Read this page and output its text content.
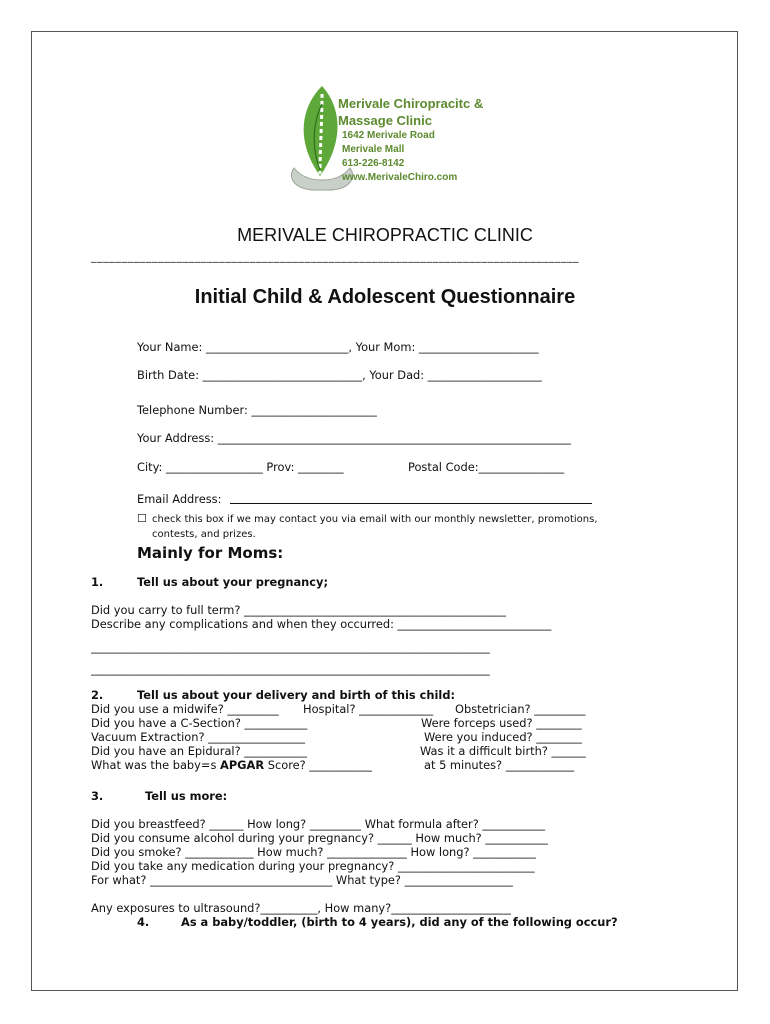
Merivale Chiropracitc &
Massage Clinic
1642 Merivale Road
Merivale Mall
613-226-8142
www.MerivaleChiro.com
MERIVALE CHIROPRACTIC CLINIC
________________________________________________________________________________
Initial Child & Adolescent Questionnaire
Your Name: _________________________, Your Mom: _____________________
Birth Date: ____________________________, Your Dad: ____________________
Telephone Number: ______________________
Your Address: ______________________________________________________________
City: _________________ Prov: ________	Postal Code:_______________
Email Address:
☐ check this box if we may contact you via email with our monthly newsletter, promotions,
contests, and prizes.
Mainly for Moms:
1.	Tell us about your pregnancy;
Did you carry to full term? ______________________________________________
Describe any complications and when they occurred: ___________________________
______________________________________________________________________
______________________________________________________________________
2.	Tell us about your delivery and birth of this child:
Did you use a midwife? _________ Hospital? _____________ Obstetrician? _________
Did you have a C-Section? ___________	Were forceps used? ________
Vacuum Extraction? _________________	Were you induced? ________
Did you have an Epidural? ___________	Was it a difficult birth? ______
What was the baby=s APGAR Score? ___________	at 5 minutes? ____________
3.	Tell us more:
Did you breastfeed? ______ How long? _________ What formula after? ___________
Did you consume alcohol during your pregnancy? ______ How much? ___________
Did you smoke? ____________ How much? ______________ How long? ___________
Did you take any medication during your pregnancy? ________________________
For what? ________________________________ What type? ___________________
Any exposures to ultrasound?__________, How many?_____________________
4.	As a baby/toddler, (birth to 4 years), did any of the following occur?
